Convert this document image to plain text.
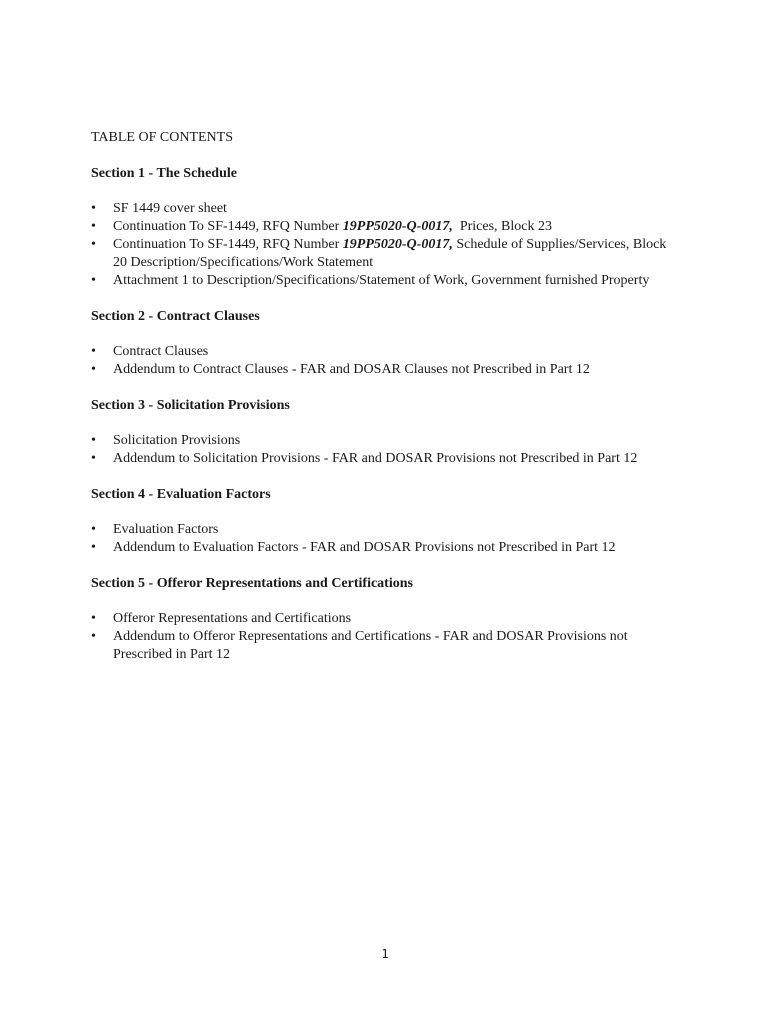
TABLE OF CONTENTS
Section 1 - The Schedule
•	SF 1449 cover sheet
•	Continuation To SF-1449, RFQ Number 19PP5020-Q-0017,  Prices, Block 23
•	Continuation To SF-1449, RFQ Number 19PP5020-Q-0017, Schedule of Supplies/Services, Block 20 Description/Specifications/Work Statement
•	Attachment 1 to Description/Specifications/Statement of Work, Government furnished Property
Section 2 - Contract Clauses
•	Contract Clauses
•	Addendum to Contract Clauses - FAR and DOSAR Clauses not Prescribed in Part 12
Section 3 - Solicitation Provisions
•	Solicitation Provisions
•	Addendum to Solicitation Provisions - FAR and DOSAR Provisions not Prescribed in Part 12
Section 4 - Evaluation Factors
•	Evaluation Factors
•	Addendum to Evaluation Factors - FAR and DOSAR Provisions not Prescribed in Part 12
Section 5 - Offeror Representations and Certifications
•	Offeror Representations and Certifications
•	Addendum to Offeror Representations and Certifications - FAR and DOSAR Provisions not Prescribed in Part 12
1
